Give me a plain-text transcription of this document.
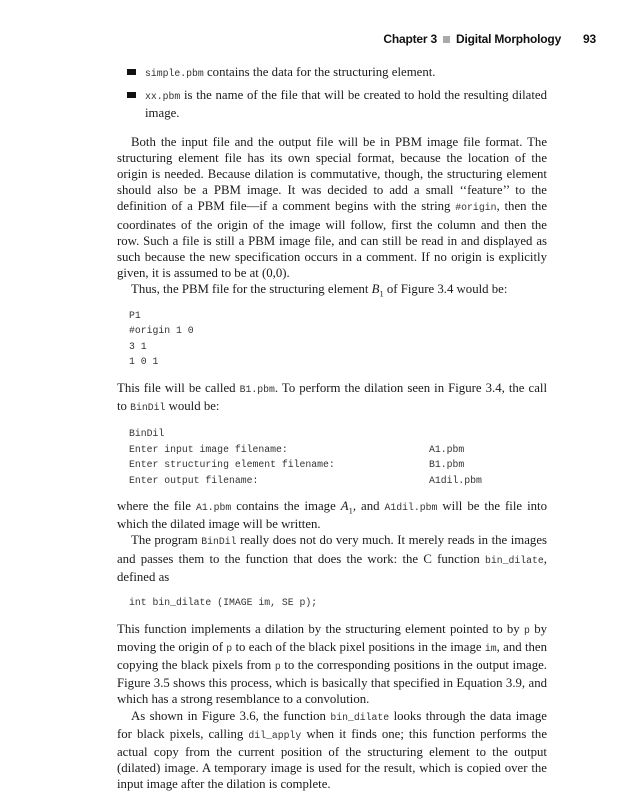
Chapter 3 Digital Morphology 93

simple.pbm contains the data for the structuring element.

xx.pbm is the name of the file that will be created to hold the resulting dilated image.

Both the input file and the output file will be in PBM image file format. The structuring element file has its own special format, because the location of the origin is needed. Because dilation is commutative, though, the structuring element should also be a PBM image. It was decided to add a small ‘‘feature’’ to the definition of a PBM file—if a comment begins with the string #origin, then the coordinates of the origin of the image will follow, first the column and then the row. Such a file is still a PBM image file, and can still be read in and displayed as such because the new specification occurs in a comment. If no origin is explicitly given, it is assumed to be at (0,0).

Thus, the PBM file for the structuring element $B_1$ of Figure 3.4 would be:

P1
#origin 1 0
3 1
1 0 1

This file will be called B1.pbm. To perform the dilation seen in Figure 3.4, the call to BinDil would be:

BinDil
Enter input image filename:	A1.pbm
Enter structuring element filename:	B1.pbm
Enter output filename:	A1dil.pbm

where the file A1.pbm contains the image $A_1$, and A1dil.pbm will be the file into which the dilated image will be written.

The program BinDil really does not do very much. It merely reads in the images and passes them to the function that does the work: the C function bin_dilate, defined as

int bin_dilate (IMAGE im, SE p);

This function implements a dilation by the structuring element pointed to by p by moving the origin of p to each of the black pixel positions in the image im, and then copying the black pixels from p to the corresponding positions in the output image. Figure 3.5 shows this process, which is basically that specified in Equation 3.9, and which has a strong resemblance to a convolution.

As shown in Figure 3.6, the function bin_dilate looks through the data image for black pixels, calling dil_apply when it finds one; this function performs the actual copy from the current position of the structuring element to the output (dilated) image. A temporary image is used for the result, which is copied over the input image after the dilation is complete.
